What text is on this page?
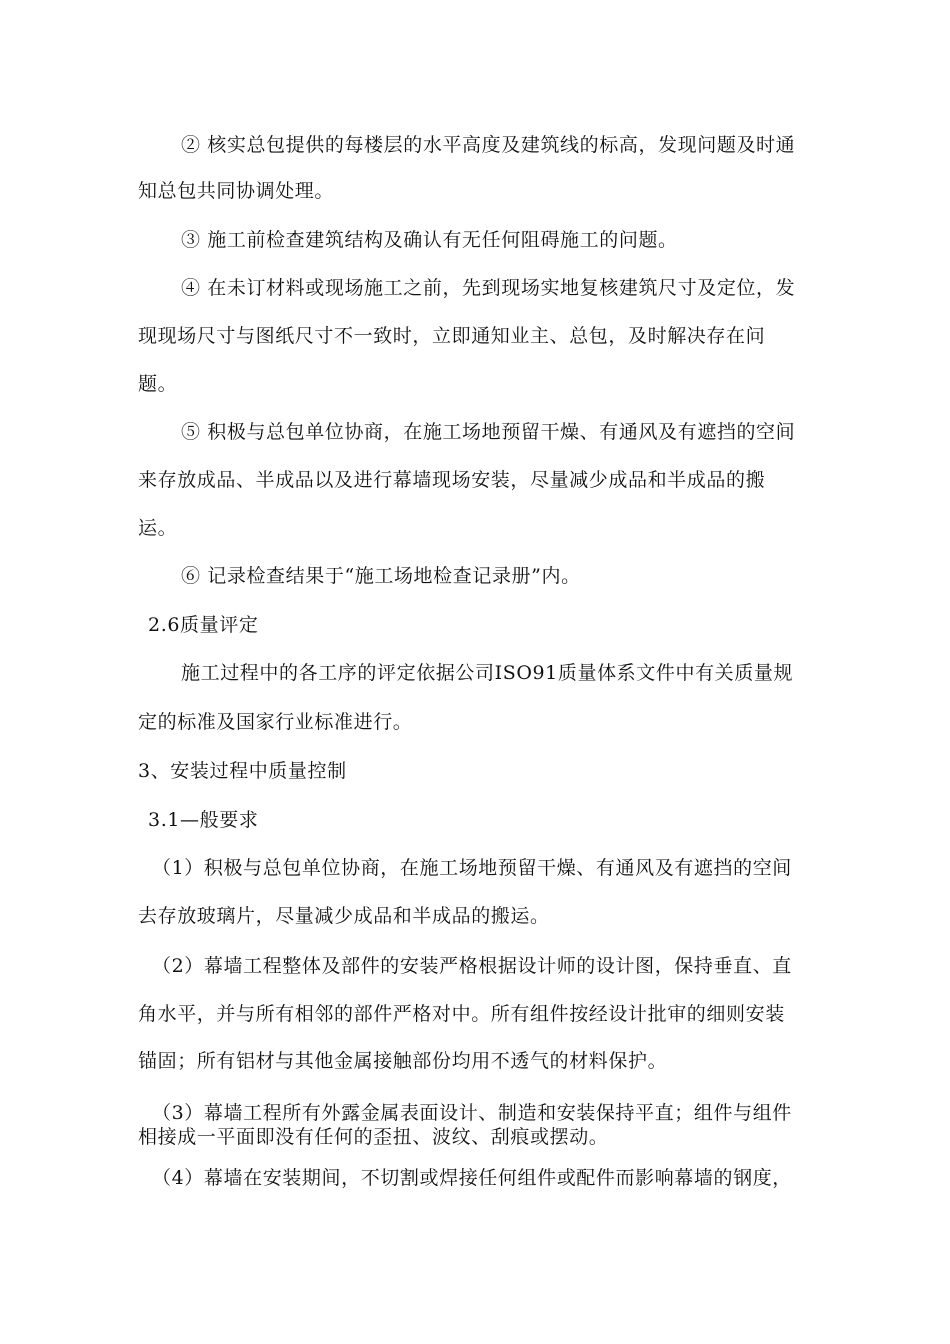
② 核实总包提供的每楼层的水平高度及建筑线的标高，发现问题及时通
知总包共同协调处理。
③ 施工前检查建筑结构及确认有无任何阻碍施工的问题。
④ 在未订材料或现场施工之前，先到现场实地复核建筑尺寸及定位，发
现现场尺寸与图纸尺寸不一致时，立即通知业主、总包，及时解决存在问
题。
⑤ 积极与总包单位协商，在施工场地预留干燥、有通风及有遮挡的空间
来存放成品、半成品以及进行幕墙现场安装，尽量减少成品和半成品的搬
运。
⑥ 记录检查结果于“施工场地检查记录册”内。
2.6质量评定
施工过程中的各工序的评定依据公司ISO91质量体系文件中有关质量规
定的标准及国家行业标准进行。
3、安装过程中质量控制
3.1—般要求
（1）积极与总包单位协商，在施工场地预留干燥、有通风及有遮挡的空间
去存放玻璃片，尽量减少成品和半成品的搬运。
（2）幕墙工程整体及部件的安装严格根据设计师的设计图，保持垂直、直
角水平，并与所有相邻的部件严格对中。所有组件按经设计批审的细则安装
锚固；所有铝材与其他金属接触部份均用不透气的材料保护。
（3）幕墙工程所有外露金属表面设计、制造和安装保持平直；组件与组件
相接成一平面即没有任何的歪扭、波纹、刮痕或摆动。
（4）幕墙在安装期间，不切割或焊接任何组件或配件而影响幕墙的钢度，
